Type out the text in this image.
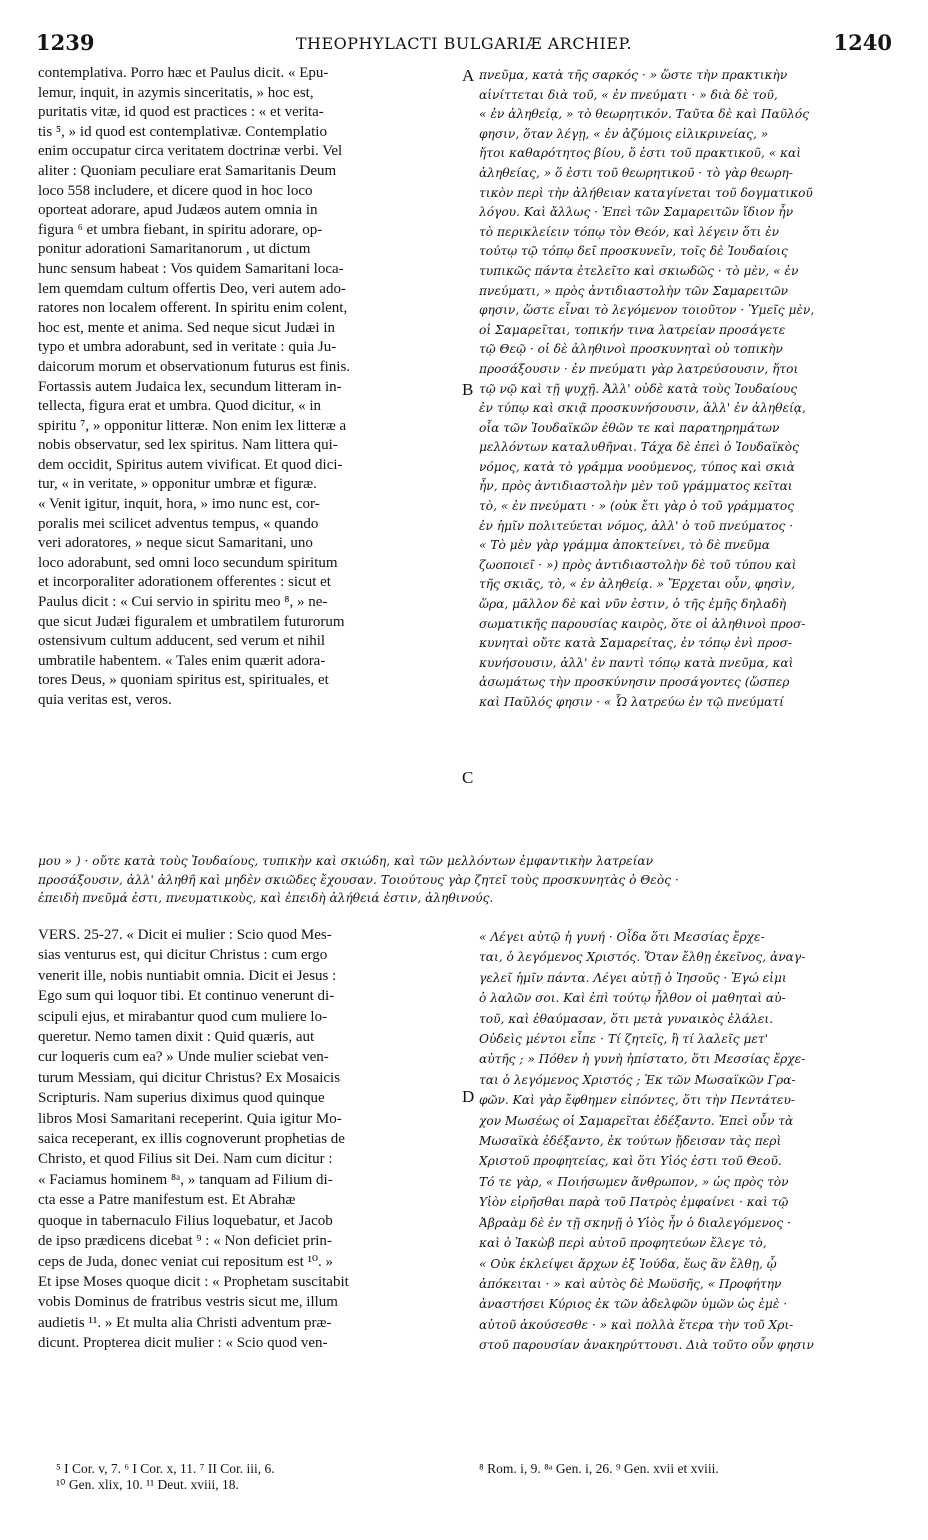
1239	THEOPHYLACTI BULGARIÆ ARCHIEP.	1240
contemplativa. Porro hæc et Paulus dicit. « Epu-
lemur, inquit, in azymis sinceritatis, » hoc est,
puritatis vitæ, id quod est practices : « et verita-
tis ⁵, » id quod est contemplativæ. Contemplatio
enim occupatur circa veritatem doctrinæ verbi. Vel
aliter : Quoniam peculiare erat Samaritanis Deum
loco 558 includere, et dicere quod in hoc loco
oporteat adorare, apud Judæos autem omnia in
figura ⁶ et umbra fiebant, in spiritu adorare, op-
ponitur adorationi Samaritanorum , ut dictum
hunc sensum habeat : Vos quidem Samaritani loca-
lem quemdam cultum offertis Deo, veri autem ado-
ratores non localem offerent. In spiritu enim colent,
hoc est, mente et anima. Sed neque sicut Judæi in
typo et umbra adorabunt, sed in veritate : quia Ju-
daicorum morum et observationum futurus est finis.
Fortassis autem Judaica lex, secundum litteram in-
tellecta, figura erat et umbra. Quod dicitur, « in
spiritu ⁷, » opponitur litteræ. Non enim lex litteræ a
nobis observatur, sed lex spiritus. Nam littera qui-
dem occidit, Spiritus autem vivificat. Et quod dici-
tur, « in veritate, » opponitur umbræ et figuræ.
« Venit igitur, inquit, hora, » imo nunc est, cor-
poralis mei scilicet adventus tempus, « quando
veri adoratores, » neque sicut Samaritani, uno
loco adorabunt, sed omni loco secundum spiritum
et incorporaliter adorationem offerentes : sicut et
Paulus dicit : « Cui servio in spiritu meo ⁸, » ne-
que sicut Judæi figuralem et umbratilem futurorum
ostensivum cultum adducent, sed verum et nihil
umbratile habentem. « Tales enim quærit adora-
tores Deus, » quoniam spiritus est, spirituales, et
quia veritas est, veros.
πνεῦμα, κατὰ τῆς σαρκός · » ὥστε τὴν πρακτικὴν
αἰνίττεται διὰ τοῦ, « ἐν πνεύματι · » διὰ δὲ τοῦ,
« ἐν ἀληθείᾳ, » τὸ θεωρητικόν. Ταῦτα δὲ καὶ Παῦλός
φησιν, ὅταν λέγῃ, « ἐν ἀζύμοις εἰλικρινείας, »
ἤτοι καθαρότητος βίου, ὅ ἐστι τοῦ πρακτικοῦ, « καὶ
ἀληθείας, » ὅ ἐστι τοῦ θεωρητικοῦ · τὸ γὰρ θεωρη-
τικὸν περὶ τὴν ἀλήθειαν καταγίνεται τοῦ δογματικοῦ
λόγου. Καὶ ἄλλως · Ἐπεὶ τῶν Σαμαρειτῶν ἴδιον ἦν
τὸ περικλείειν τόπῳ τὸν Θεόν, καὶ λέγειν ὅτι ἐν
τούτῳ τῷ τόπῳ δεῖ προσκυνεῖν, τοῖς δὲ Ἰουδαίοις
τυπικῶς πάντα ἐτελεῖτο καὶ σκιωδῶς · τὸ μὲν, « ἐν
πνεύματι, » πρὸς ἀντιδιαστολὴν τῶν Σαμαρειτῶν
φησιν, ὥστε εἶναι τὸ λεγόμενον τοιοῦτον · Ὑμεῖς μὲν,
οἱ Σαμαρεῖται, τοπικήν τινα λατρείαν προσάγετε
τῷ Θεῷ · οἱ δὲ ἀληθινοὶ προσκυνηταὶ οὐ τοπικὴν
προσάξουσιν · ἐν πνεύματι γὰρ λατρεύσουσιν, ἤτοι
τῷ νῷ καὶ τῇ ψυχῇ. Ἀλλ' οὐδὲ κατὰ τοὺς Ἰουδαίους
ἐν τύπῳ καὶ σκιᾷ προσκυνήσουσιν, ἀλλ' ἐν ἀληθείᾳ,
οἷα τῶν Ἰουδαϊκῶν ἐθῶν τε καὶ παρατηρημάτων
μελλόντων καταλυθῆναι. Τάχα δὲ ἐπεὶ ὁ Ἰουδαϊκὸς
νόμος, κατὰ τὸ γράμμα νοούμενος, τύπος καὶ σκιὰ
ἦν, πρὸς ἀντιδιαστολὴν μὲν τοῦ γράμματος κεῖται
τὸ, « ἐν πνεύματι · » (οὐκ ἔτι γὰρ ὁ τοῦ γράμματος
ἐν ἡμῖν πολιτεύεται νόμος, ἀλλ' ὁ τοῦ πνεύματος ·
« Τὸ μὲν γὰρ γράμμα ἀποκτείνει, τὸ δὲ πνεῦμα
ζωοποιεῖ · ») πρὸς ἀντιδιαστολὴν δὲ τοῦ τύπου καὶ
τῆς σκιᾶς, τὸ, « ἐν ἀληθείᾳ. » Ἔρχεται οὖν, φησὶν,
ὥρα, μᾶλλον δὲ καὶ νῦν ἐστιν, ὁ τῆς ἐμῆς δηλαδὴ
σωματικῆς παρουσίας καιρὸς, ὅτε οἱ ἀληθινοὶ προσ-
κυνηταὶ οὔτε κατὰ Σαμαρείτας, ἐν τόπῳ ἑνὶ προσ-
κυνήσουσιν, ἀλλ' ἐν παντὶ τόπῳ κατὰ πνεῦμα, καὶ
ἀσωμάτως τὴν προσκύνησιν προσάγοντες (ὥσπερ
καὶ Παῦλός φησιν · « Ὧ λατρεύω ἐν τῷ πνεύματί
μου » ) · οὔτε κατὰ τοὺς Ἰουδαίους, τυπικὴν καὶ σκιώδη, καὶ τῶν μελλόντων ἐμφαντικὴν λατρείαν
προσάξουσιν, ἀλλ' ἀληθῆ καὶ μηδὲν σκιῶδες ἔχουσαν. Τοιούτους γὰρ ζητεῖ τοὺς προσκυνητὰς ὁ Θεὸς ·
ἐπειδὴ πνεῦμά ἐστι, πνευματικοὺς, καὶ ἐπειδὴ ἀλήθειά ἐστιν, ἀληθινούς.
VERS. 25-27. « Dicit ei mulier : Scio quod Mes-
sias venturus est, qui dicitur Christus : cum ergo
venerit ille, nobis nuntiabit omnia. Dicit ei Jesus :
Ego sum qui loquor tibi. Et continuo venerunt di-
scipuli ejus, et mirabantur quod cum muliere lo-
queretur. Nemo tamen dixit : Quid quæris, aut
cur loqueris cum ea? » Unde mulier sciebat ven-
turum Messiam, qui dicitur Christus? Ex Mosaicis
Scripturis. Nam superius diximus quod quinque
libros Mosi Samaritani receperint. Quia igitur Mo-
saica receperant, ex illis cognoverunt prophetias de
Christo, et quod Filius sit Dei. Nam cum dicitur :
« Faciamus hominem ⁸ᵃ, » tanquam ad Filium di-
cta esse a Patre manifestum est. Et Abrahæ
quoque in tabernaculo Filius loquebatur, et Jacob
de ipso prædicens dicebat ⁹ : « Non deficiet prin-
ceps de Juda, donec veniat cui repositum est ¹⁰. »
Et ipse Moses quoque dicit : « Prophetam suscitabit
vobis Dominus de fratribus vestris sicut me, illum
audietis ¹¹. » Et multa alia Christi adventum præ-
dicunt. Propterea dicit mulier : « Scio quod ven-
« Λέγει αὐτῷ ἡ γυνή · Οἶδα ὅτι Μεσσίας ἔρχε-
ται, ὁ λεγόμενος Χριστός. Ὅταν ἔλθῃ ἐκεῖνος, ἀναγ-
γελεῖ ἡμῖν πάντα. Λέγει αὐτῇ ὁ Ἰησοῦς · Ἐγώ εἰμι
ὁ λαλῶν σοι. Καὶ ἐπὶ τούτῳ ἦλθον οἱ μαθηταὶ αὐ-
τοῦ, καὶ ἐθαύμασαν, ὅτι μετὰ γυναικὸς ἐλάλει.
Οὐδεὶς μέντοι εἶπε · Τί ζητεῖς, ἢ τί λαλεῖς μετ'
αὐτῆς ; » Πόθεν ἡ γυνὴ ἠπίστατο, ὅτι Μεσσίας ἔρχε-
ται ὁ λεγόμενος Χριστός ; Ἐκ τῶν Μωσαϊκῶν Γρα-
φῶν. Καὶ γὰρ ἔφθημεν εἰπόντες, ὅτι τὴν Πεντάτευ-
χον Μωσέως οἱ Σαμαρεῖται ἐδέξαντο. Ἐπεὶ οὖν τὰ
Μωσαϊκὰ ἐδέξαντο, ἐκ τούτων ᾔδεισαν τὰς περὶ
Χριστοῦ προφητείας, καὶ ὅτι Υἱός ἐστι τοῦ Θεοῦ.
Τό τε γὰρ, « Ποιήσωμεν ἄνθρωπον, » ὡς πρὸς τὸν
Υἱὸν εἰρῆσθαι παρὰ τοῦ Πατρὸς ἐμφαίνει · καὶ τῷ
Ἀβραὰμ δὲ ἐν τῇ σκηνῇ ὁ Υἱὸς ἦν ὁ διαλεγόμενος ·
καὶ ὁ Ἰακὼβ περὶ αὐτοῦ προφητεύων ἔλεγε τὸ,
« Οὐκ ἐκλείψει ἄρχων ἐξ Ἰούδα, ἕως ἂν ἔλθῃ, ᾧ
ἀπόκειται · » καὶ αὐτὸς δὲ Μωϋσῆς, « Προφήτην
ἀναστήσει Κύριος ἐκ τῶν ἀδελφῶν ὑμῶν ὡς ἐμὲ ·
αὐτοῦ ἀκούσεσθε · » καὶ πολλὰ ἕτερα τὴν τοῦ Χρι-
στοῦ παρουσίαν ἀνακηρύττουσι. Διὰ τοῦτο οὖν φησιν
A
B
C
D
⁵ I Cor. v, 7. ⁶ I Cor. x, 11. ⁷ II Cor. iii, 6.
¹⁰ Gen. xlix, 10. ¹¹ Deut. xviii, 18.
⁸ Rom. i, 9. ⁸ᵃ Gen. i, 26. ⁹ Gen. xvii et xviii.
